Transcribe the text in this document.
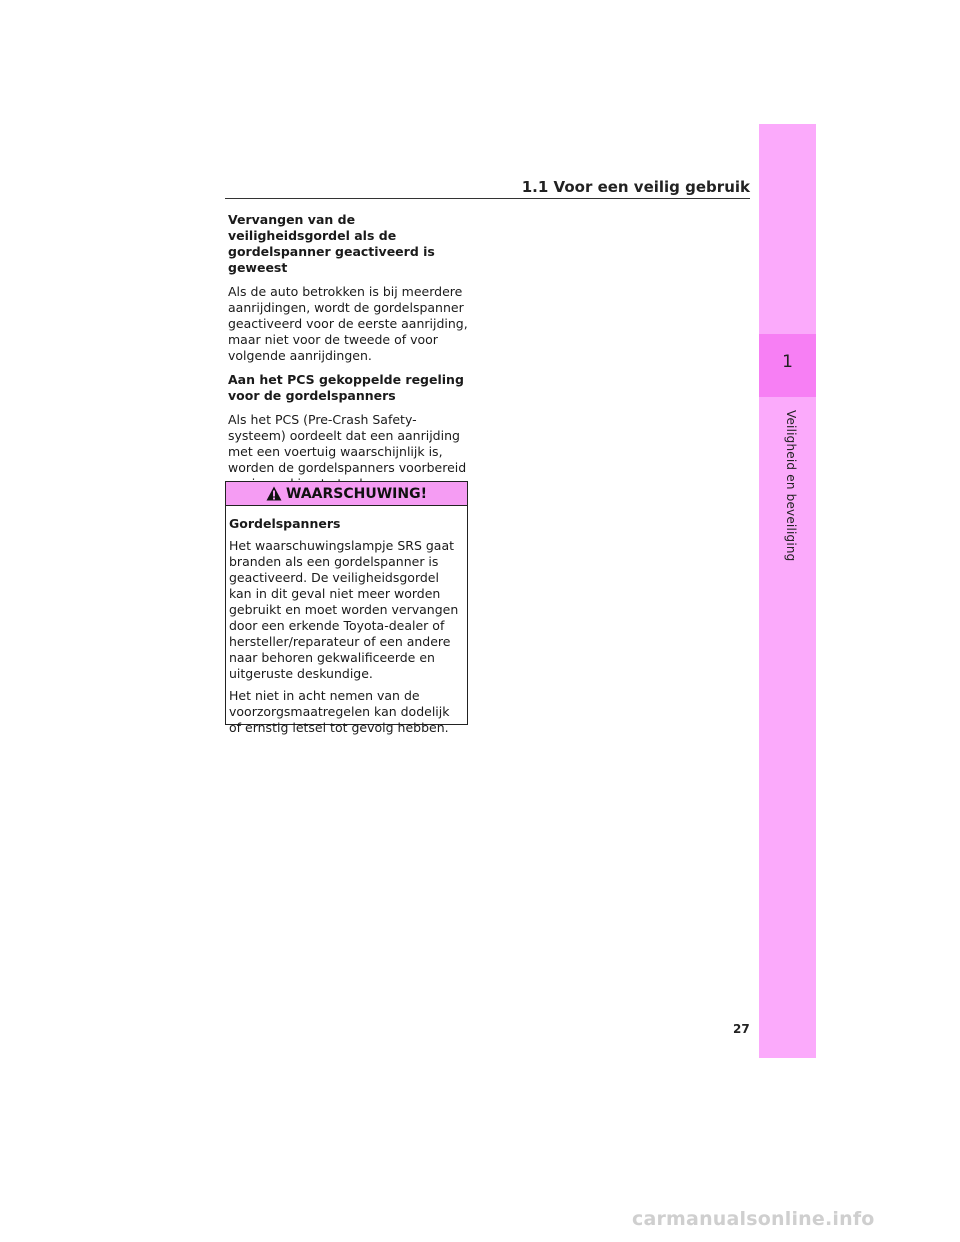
1.1 Voor een veilig gebruik
1
Veiligheid en beveiliging

Vervangen van de veiligheidsgordel als de gordelspanner geactiveerd is geweest

Als de auto betrokken is bij meerdere aanrijdingen, wordt de gordelspanner geactiveerd voor de eerste aanrijding, maar niet voor de tweede of voor volgende aanrijdingen.

Aan het PCS gekoppelde regeling voor de gordelspanners

Als het PCS (Pre-Crash Safety-systeem) oordeelt dat een aanrijding met een voertuig waarschijnlijk is, worden de gordelspanners voorbereid

WAARSCHUWING!

Gordelspanners

Het waarschuwingslampje SRS gaat branden als een gordelspanner is geactiveerd. De veiligheidsgordel kan in dit geval niet meer worden gebruikt en moet worden vervangen door een erkende Toyota-dealer of hersteller/reparateur of een andere naar behoren gekwalificeerde en uitgeruste deskundige.

Het niet in acht nemen van de voorzorgsmaatregelen kan dodelijk of ernstig letsel tot gevolg hebben.

27
carmanualsonline.info
